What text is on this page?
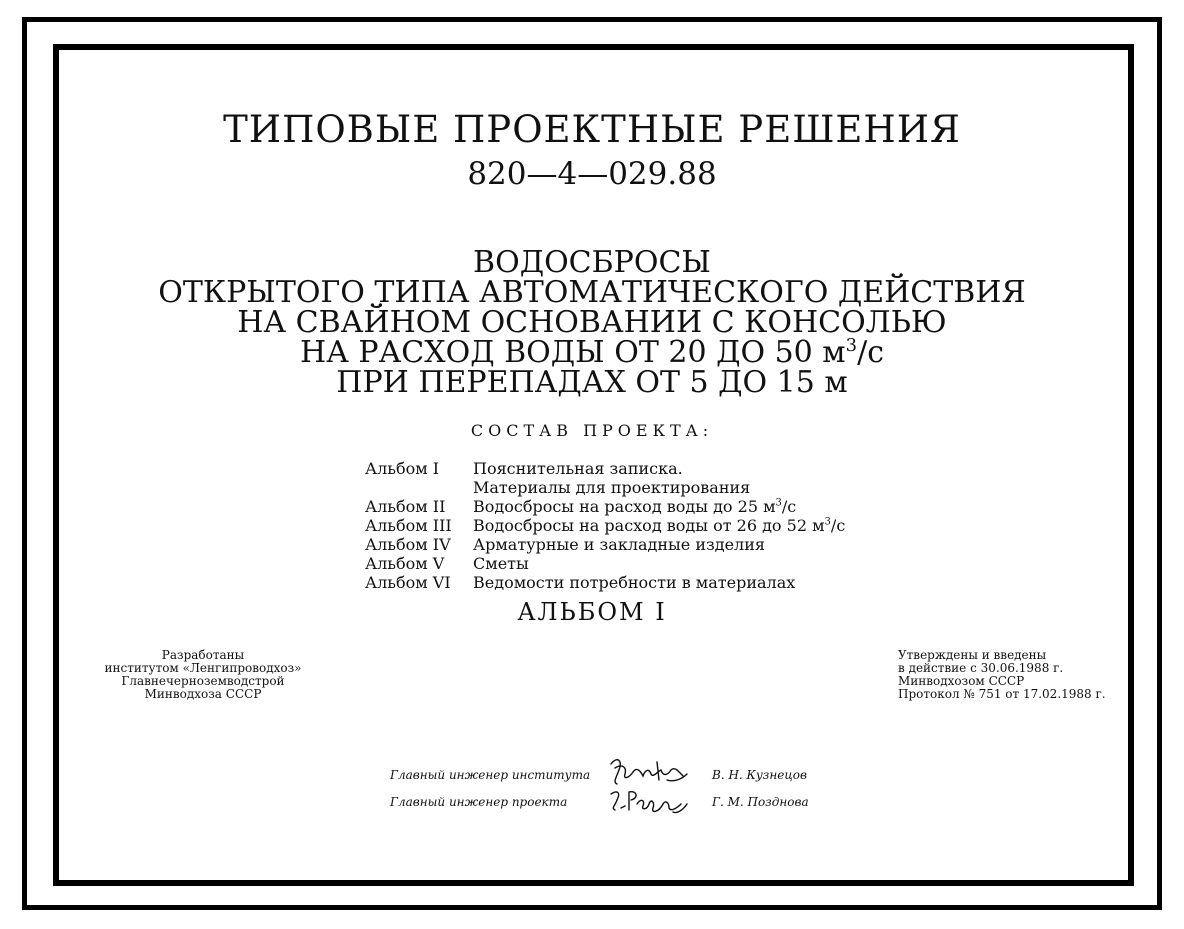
ТИПОВЫЕ ПРОЕКТНЫЕ РЕШЕНИЯ
820—4—029.88
ВОДОСБРОСЫ
ОТКРЫТОГО ТИПА АВТОМАТИЧЕСКОГО ДЕЙСТВИЯ
НА СВАЙНОМ ОСНОВАНИИ С КОНСОЛЬЮ
НА РАСХОД ВОДЫ ОТ 20 ДО 50 $м^3/с$
ПРИ ПЕРЕПАДАХ ОТ 5 ДО 15 м
СОСТАВ ПРОЕКТА:
Альбом I	Пояснительная записка.
Материалы для проектирования
Альбом II	Водосбросы на расход воды до 25 $м^3/с$
Альбом III	Водосбросы на расход воды от 26 до 52 $м^3/с$
Альбом IV	Арматурные и закладные изделия
Альбом V	Сметы
Альбом VI	Ведомости потребности в материалах
АЛЬБОМ I
Разработаны
институтом «Ленгипроводхоз»
Главнечерноземводстрой
Минводхоза СССР
Утверждены и введены
в действие с 30.06.1988 г.
Минводхозом СССР
Протокол № 751 от 17.02.1988 г.
Главный инженер института	В. Н. Кузнецов
Главный инженер проекта	Г. М. Позднова
